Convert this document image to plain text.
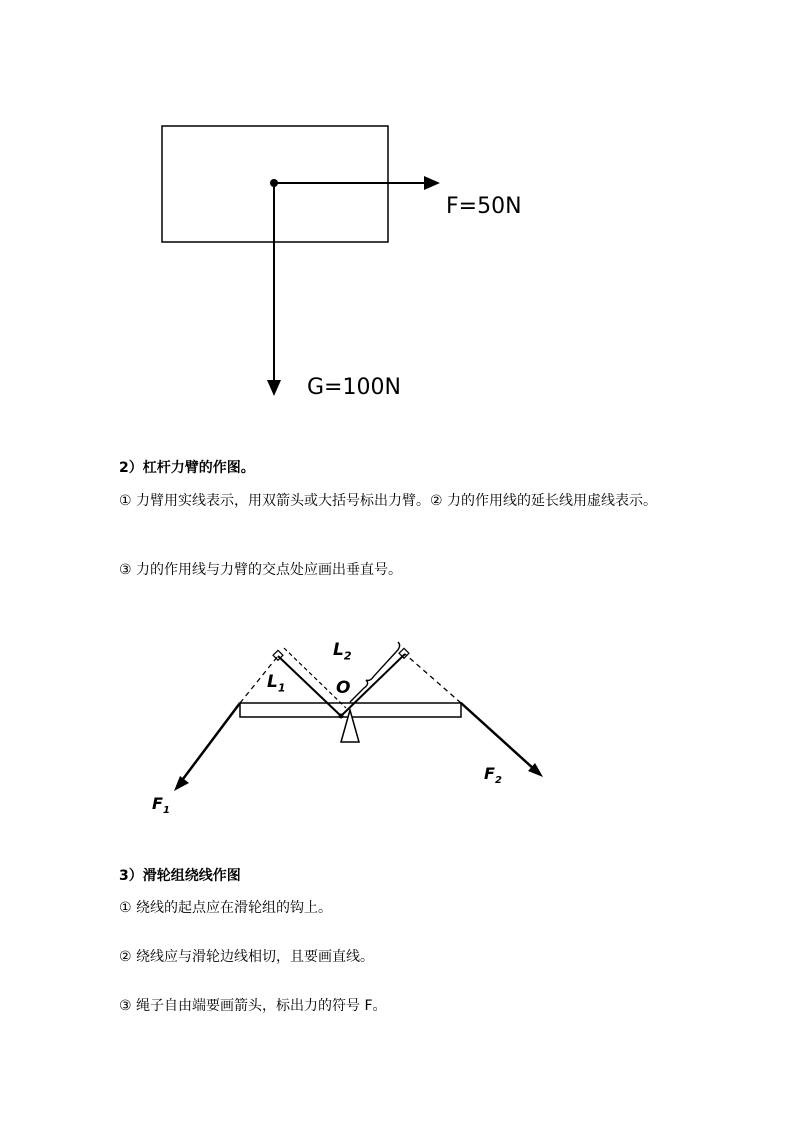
F=50N
G=100N
2）杠杆力臂的作图。
① 力臂用实线表示，用双箭头或大括号标出力臂。② 力的作用线的延长线用虚线表示。
③ 力的作用线与力臂的交点处应画出垂直号。
$L_2$
$L_1$	O
$F_1$
$F_2$
3）滑轮组绕线作图
① 绕线的起点应在滑轮组的钩上。
② 绕线应与滑轮边线相切，且要画直线。
③ 绳子自由端要画箭头，标出力的符号 F。
